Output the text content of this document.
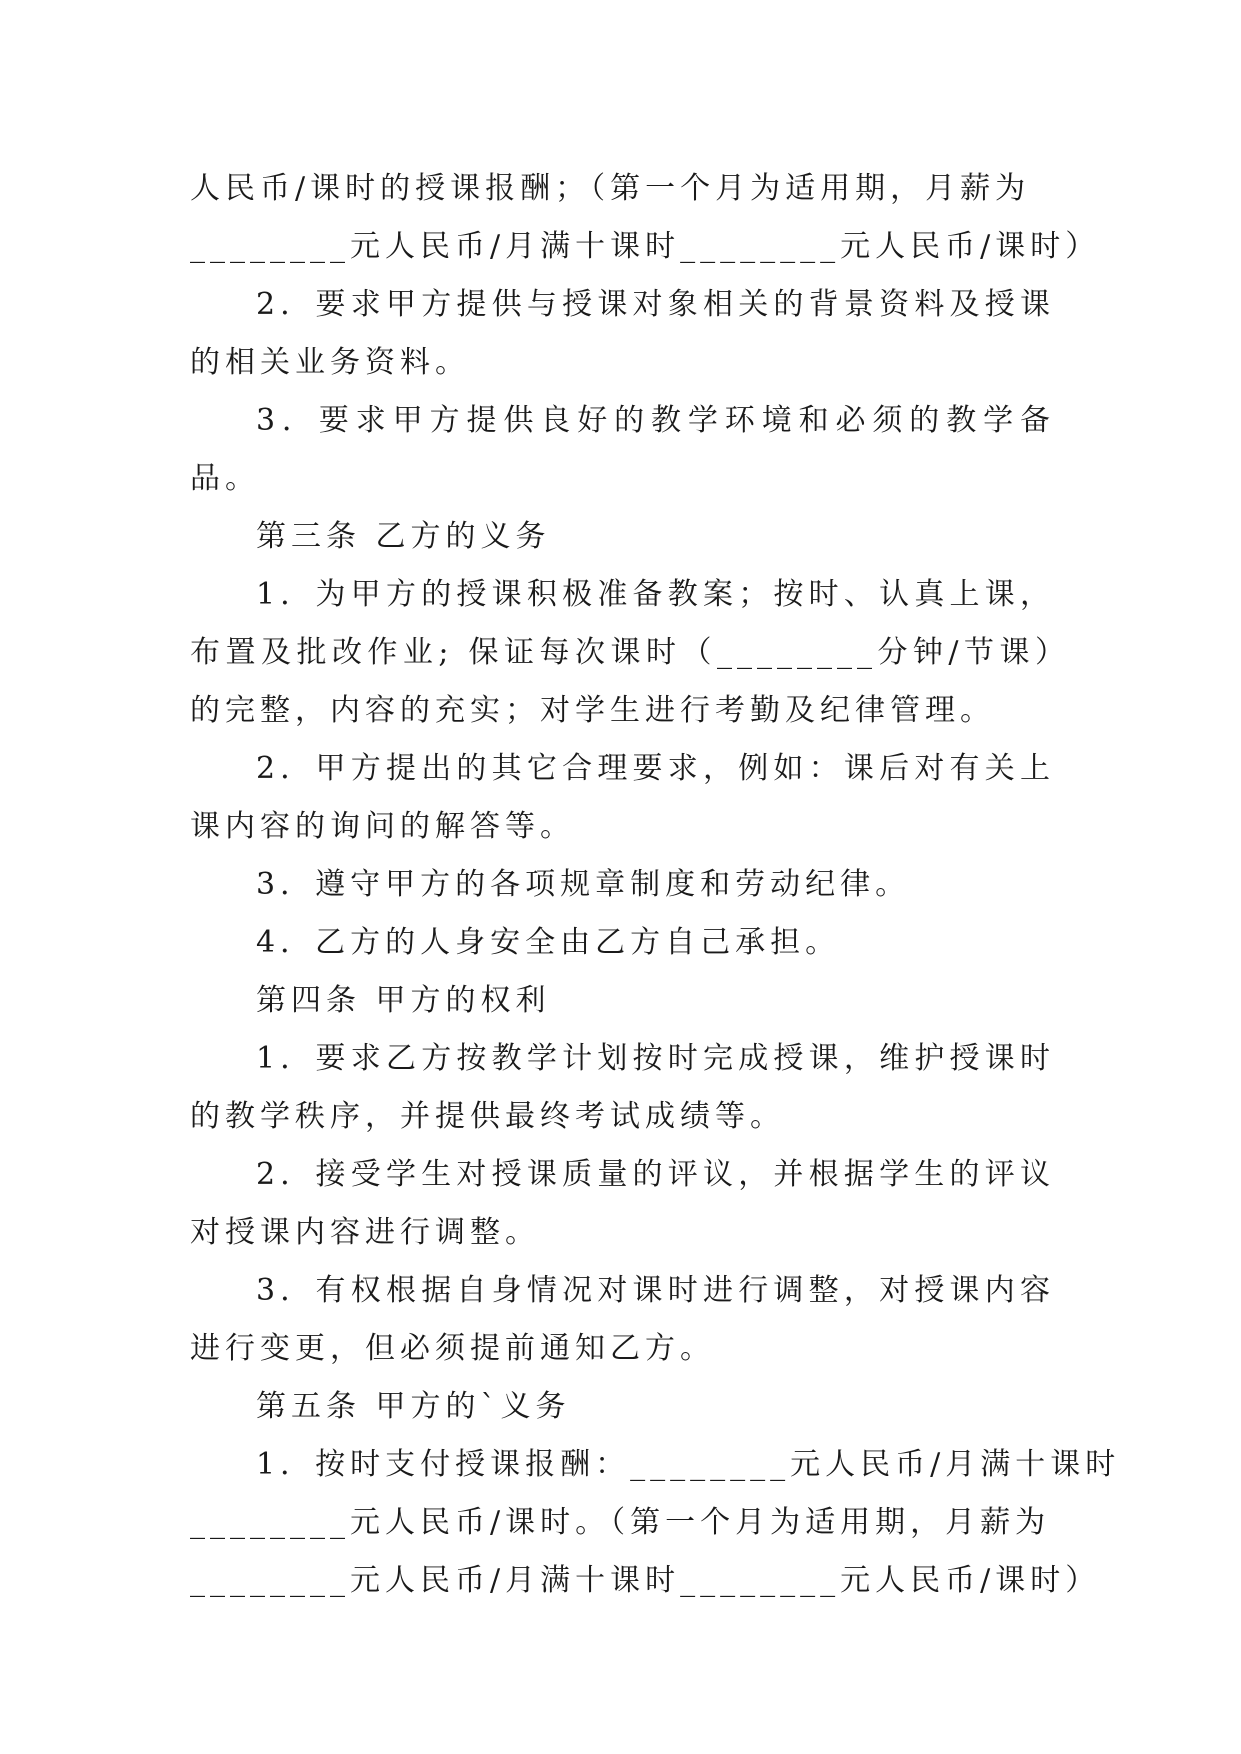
人民币/课时的授课报酬；（第一个月为适用期，月薪为
________元人民币/月满十课时________元人民币/课时）

2．要求甲方提供与授课对象相关的背景资料及授课的相关业务资料。

3．要求甲方提供良好的教学环境和必须的教学备品。

第三条 乙方的义务

1．为甲方的授课积极准备教案；按时、认真上课，布置及批改作业; 保证每次课时（________分钟/节课）的完整，内容的充实；对学生进行考勤及纪律管理。

2．甲方提出的其它合理要求，例如：课后对有关上课内容的询问的解答等。

3．遵守甲方的各项规章制度和劳动纪律。

4．乙方的人身安全由乙方自己承担。

第四条 甲方的权利

1．要求乙方按教学计划按时完成授课，维护授课时的教学秩序，并提供最终考试成绩等。

2．接受学生对授课质量的评议，并根据学生的评议对授课内容进行调整。

3．有权根据自身情况对课时进行调整，对授课内容进行变更，但必须提前通知乙方。

第五条 甲方的`义务

1．按时支付授课报酬：________元人民币/月满十课时
________元人民币/课时。（第一个月为适用期，月薪为
________元人民币/月满十课时________元人民币/课时）
